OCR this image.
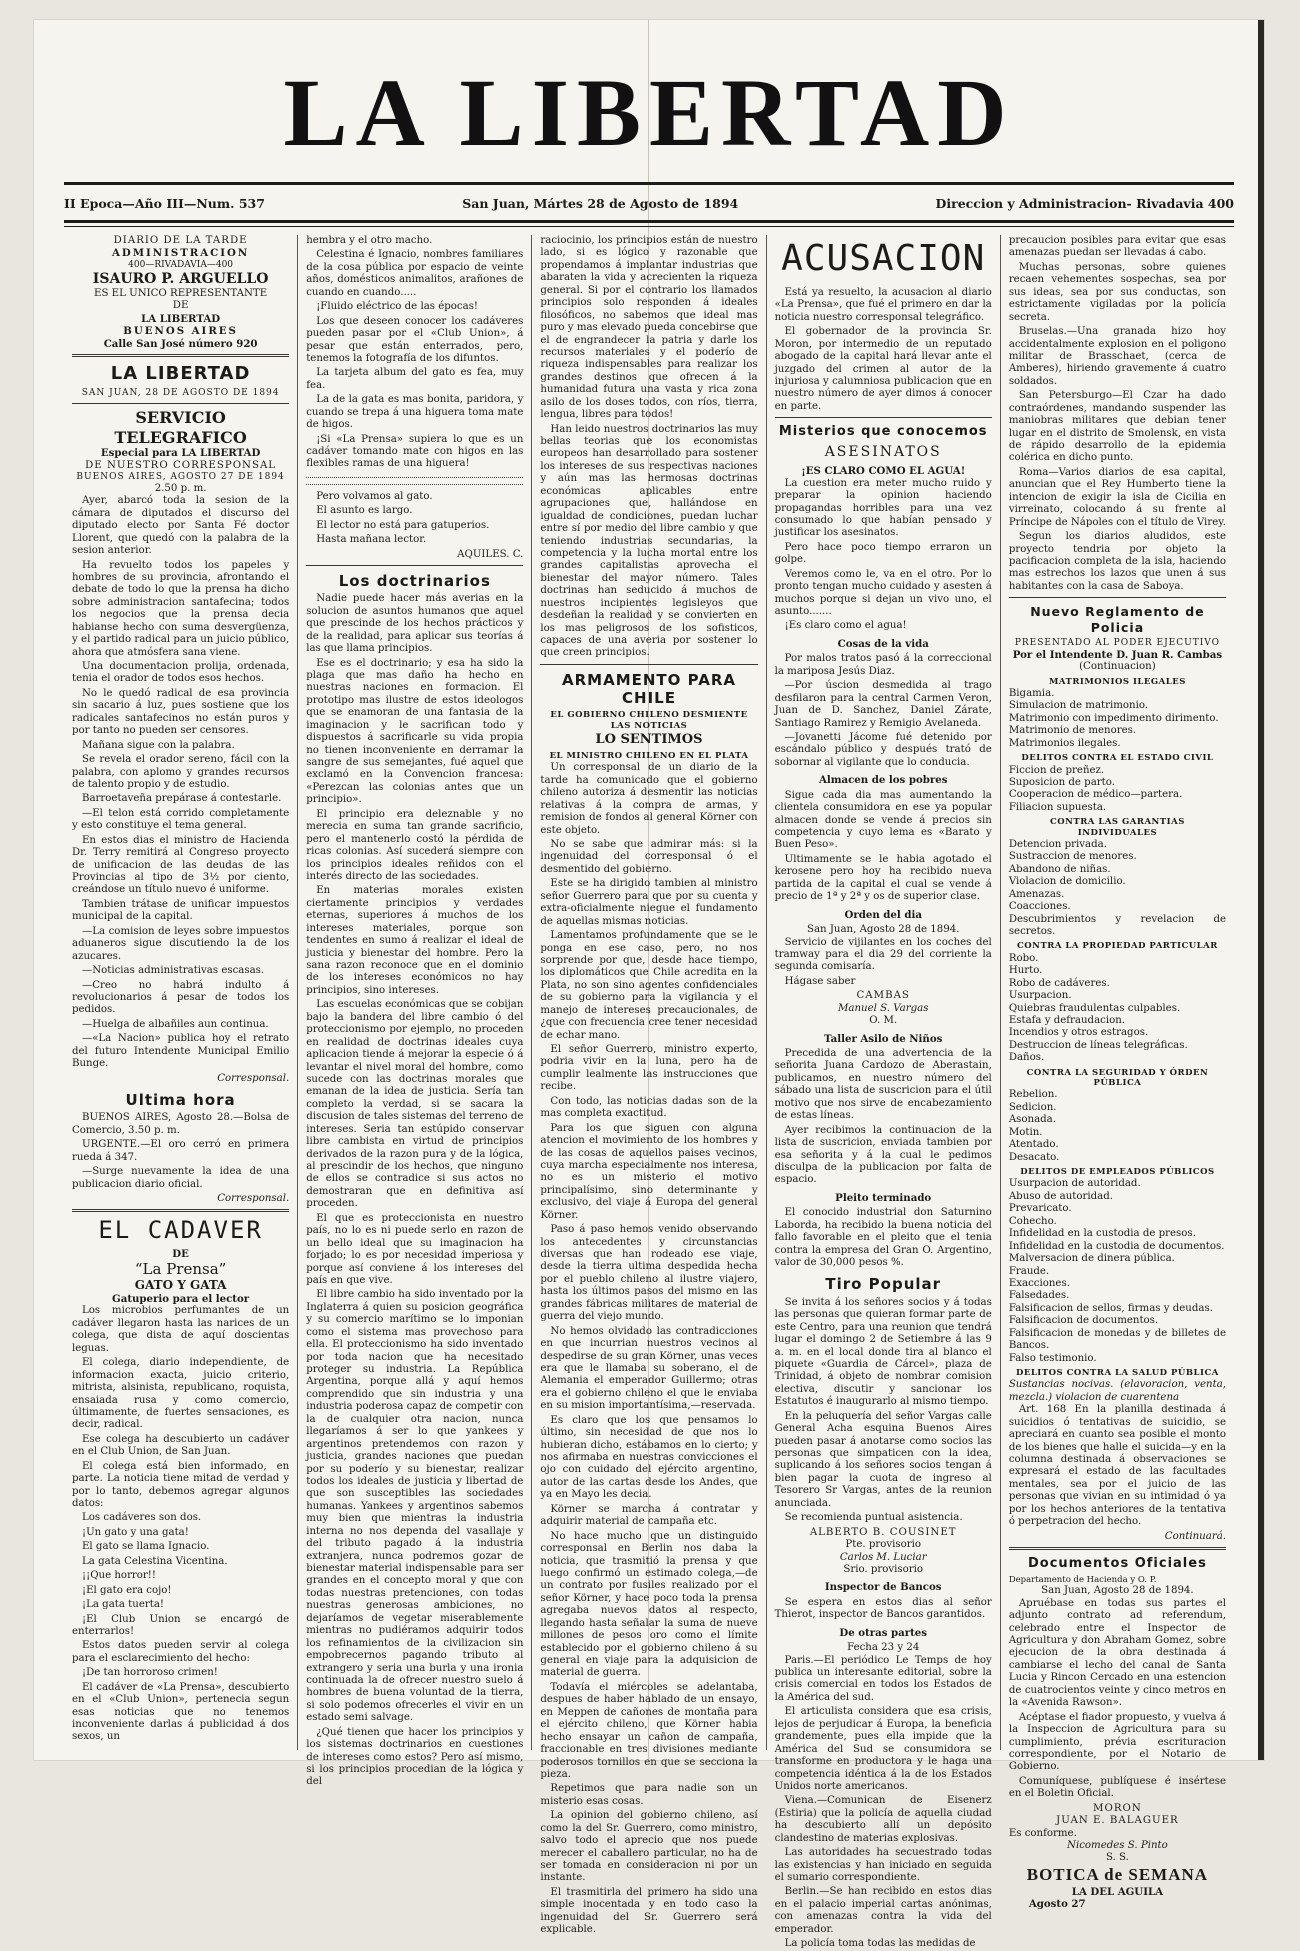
LA LIBERTAD
II Epoca—Año III—Num. 537	San Juan, Mártes 28 de Agosto de 1894	Direccion y Administracion- Rivadavia 400
DIARIO DE LA TARDE
ADMINISTRACION
400—RIVADAVIA—400
ISAURO P. ARGUELLO
ES EL UNICO REPRESENTANTE
DE
LA LIBERTAD
BUENOS AIRES
Calle San José número 920
LA LIBERTAD
SAN JUAN, 28 DE AGOSTO DE 1894
SERVICIO TELEGRAFICO
Especial para LA LIBERTAD
DE NUESTRO CORRESPONSAL
BUENOS AIRES, AGOSTO 27 DE 1894
2.50 p. m.

Ayer, abarcó toda la sesion de la cámara de diputados el discurso del diputado electo por Santa Fé doctor Llorent, que quedó con la palabra de la sesion anterior.

Ha revuelto todos los papeles y hombres de su provincia, afrontando el debate de todo lo que la prensa ha dicho sobre administracion santafecina; todos los negocios que la prensa decia habianse hecho con suma desvergüenza, y el partido radical para un juicio público, ahora que atmósfera sana viene.

Una documentacion prolija, ordenada, tenia el orador de todos esos hechos.

No le quedó radical de esa provincia sin sacario á luz, pues sostiene que los radicales santafecinos no están puros y por tanto no pueden ser censores.

Mañana sigue con la palabra.

Se revela el orador sereno, fácil con la palabra, con aplomo y grandes recursos de talento propio y de estudio.

Barroetaveña prepárase á contestarle.

—El telon está corrido completamente y esto constituye el tema general.

En estos dias el ministro de Hacienda Dr. Terry remitirá al Congreso proyecto de unificacion de las deudas de las Provincias al tipo de 3½ por ciento, creándose un título nuevo é uniforme.

Tambien trátase de unificar impuestos municipal de la capital.

—La comision de leyes sobre impuestos aduaneros sigue discutiendo la de los azucares.

—Noticias administrativas escasas.

—Creo no habrá indulto á revolucionarios á pesar de todos los pedidos.

—Huelga de albañiles aun continua.

—«La Nacion» publica hoy el retrato del futuro Intendente Municipal Emilio Bunge.

Corresponsal.
Ultima hora

BUENOS AIRES, Agosto 28.—Bolsa de Comercio, 3.50 p. m.

URGENTE.—El oro cerró en primera rueda á 347.

—Surge nuevamente la idea de una publicacion diario oficial.

Corresponsal.
EL CADAVER
DE
“La Prensa”
GATO Y GATA
Gatuperio para el lector

Los microbios perfumantes de un cadáver llegaron hasta las narices de un colega, que dista de aquí doscientas leguas.

El colega, diario independiente, de informacion exacta, juicio criterio, mitrista, alsinista, republicano, roquista, ensaiada rusa y como comercio, últimamente, de fuertes sensaciones, es decir, radical.

Ese colega ha descubierto un cadáver en el Club Union, de San Juan.

El colega está bien informado, en parte. La noticia tiene mitad de verdad y por lo tanto, debemos agregar algunos datos:

Los cadáveres son dos.

¡Un gato y una gata!

El gato se llama Ignacio.

La gata Celestina Vicentina.

¡¡Que horror!!

¡El gato era cojo!

¡La gata tuerta!

¡El Club Union se encargó de enterrarlos!

Estos datos pueden servir al colega para el esclarecimiento del hecho:

¡De tan horroroso crimen!

El cadáver de «La Prensa», descubierto en el «Club Union», pertenecia segun esas noticias que no tenemos inconveniente darlas á publicidad á dos sexos, un

hembra y el otro macho.

Celestina é Ignacio, nombres familiares de la cosa pública por espacio de veinte años, domésticos animalitos, arañones de cuando en cuando.....

¡Fluido eléctrico de las épocas!

Los que deseen conocer los cadáveres pueden pasar por el «Club Union», á pesar que están enterrados, pero, tenemos la fotografía de los difuntos.

La tarjeta album del gato es fea, muy fea.

La de la gata es mas bonita, paridora, y cuando se trepa á una higuera toma mate de higos.

¡Si «La Prensa» supiera lo que es un cadáver tomando mate con higos en las flexibles ramas de una higuera!

Pero volvamos al gato.

El asunto es largo.

El lector no está para gatuperios.

Hasta mañana lector.

AQUILES. C.
Los doctrinarios

Nadie puede hacer más averias en la solucion de asuntos humanos que aquel que prescinde de los hechos prácticos y de la realidad, para aplicar sus teorías á las que llama principios.

Ese es el doctrinario; y esa ha sido la plaga que mas daño ha hecho en nuestras naciones en formacion. El prototipo mas ilustre de estos ideologos que se enamoran de una fantasia de la imaginacion y le sacrifican todo y dispuestos á sacrificarle su vida propia no tienen inconveniente en derramar la sangre de sus semejantes, fué aquel que exclamó en la Convencion francesa: «Perezcan las colonias antes que un principio».

El principio era deleznable y no merecia en suma tan grande sacrificio, pero el mantenerlo costó la pérdida de ricas colonias. Así sucederá siempre con los principios ideales reñidos con el interés directo de las sociedades.

En materias morales existen ciertamente principios y verdades eternas, superiores á muchos de los intereses materiales, porque son tendentes en sumo á realizar el ideal de justicia y bienestar del hombre. Pero la sana razon reconoce que en el dominio de los intereses económicos no hay principios, sino intereses.

Las escuelas económicas que se cobijan bajo la bandera del libre cambio ó del proteccionismo por ejemplo, no proceden en realidad de doctrinas ideales cuya aplicacion tiende á mejorar la especie ó á levantar el nivel moral del hombre, como sucede con las doctrinas morales que emanan de la idea de justicia. Sería tan completo la verdad, si se sacara la discusion de tales sistemas del terreno de intereses. Seria tan estúpido conservar libre cambista en virtud de principios derivados de la razon pura y de la lógica, al prescindir de los hechos, que ninguno de ellos se contradice si sus actos no demostraran que en definitiva así proceden.

El que es proteccionista en nuestro país, no lo es ni puede serlo en razon de un bello ideal que su imaginacion ha forjado; lo es por necesidad imperiosa y porque así conviene á los intereses del país en que vive.

El libre cambio ha sido inventado por la Inglaterra á quien su posicion geográfica y su comercio marítimo se lo imponian como el sistema mas provechoso para ella. El proteccionismo ha sido inventado por toda nacion que ha necesitado proteger su industria. La República Argentina, porque allá y aquí hemos comprendido que sin industria y una industria poderosa capaz de competir con la de cualquier otra nacion, nunca llegaríamos á ser lo que yankees y argentinos pretendemos con razon y justicia, grandes naciones que puedan por su poderío y su bienestar, realizar todos los ideales de justicia y libertad de que son susceptibles las sociedades humanas. Yankees y argentinos sabemos muy bien que mientras la industria interna no nos dependa del vasallaje y del tributo pagado á la industria extranjera, nunca podremos gozar de bienestar material indispensable para ser grandes en el concepto moral y que con todas nuestras pretenciones, con todas nuestras generosas ambiciones, no dejaríamos de vegetar miserablemente mientras no pudiéramos adquirir todos los refinamientos de la civilizacion sin empobrecernos pagando tributo al extrangero y seria una burla y una ironia continuada la de ofrecer nuestro suelo á hombres de buena voluntad de la tierra, si solo podemos ofrecerles el vivir en un estado semi salvage.

¿Qué tienen que hacer los principios y los sistemas doctrinarios en cuestiones de intereses como estos? Pero así mismo, si los principios procedian de la lógica y del

raciocinio, los principios están de nuestro lado, si es lógico y razonable que propendamos á implantar industrias que abaraten la vida y acrecienten la riqueza general. Si por el contrario los llamados principios solo responden á ideales filosóficos, no sabemos que ideal mas puro y mas elevado pueda concebirse que el de engrandecer la patria y darle los recursos materiales y el poderío de riqueza indispensables para realizar los grandes destinos que ofrecen á la humanidad futura una vasta y rica zona asilo de los doses todos, con ríos, tierra, lengua, libres para todos!

Han leido nuestros doctrinarios las muy bellas teorias que los economistas europeos han desarrollado para sostener los intereses de sus respectivas naciones y aún mas las hermosas doctrinas económicas aplicables entre agrupaciones que, hallándose en igualdad de condiciones, puedan luchar entre sí por medio del libre cambio y que teniendo industrias secundarias, la competencia y la lucha mortal entre los grandes capitalistas aprovecha el bienestar del mayor número. Tales doctrinas han seducido á muchos de nuestros incipientes legisleyos que desdeñan la realidad y se convierten en los mas peligrosos de los sofisticos, capaces de una averia por sostener lo que creen principios.

ARMAMENTO PARA CHILE
EL GOBIERNO CHILENO DESMIENTE LAS NOTICIAS
LO SENTIMOS
EL MINISTRO CHILENO EN EL PLATA

Un corresponsal de un diario de la tarde ha comunicado que el gobierno chileno autoriza á desmentir las noticias relativas á la compra de armas, y remision de fondos al general Körner con este objeto.

No se sabe que admirar más: si la ingenuidad del corresponsal ó el desmentido del gobierno.

Este se ha dirigido tambien al ministro señor Guerrero para que por su cuenta y extra-oficialmente niegue el fundamento de aquellas mismas noticias.

Lamentamos profundamente que se le ponga en ese caso, pero, no nos sorprende por que, desde hace tiempo, los diplomáticos que Chile acredita en la Plata, no son sino agentes confidenciales de su gobierno para la vigilancia y el manejo de intereses precaucionales, de ¿que con frecuencia cree tener necesidad de echar mano.

El señor Guerrero, ministro experto, podria vivir en la luna, pero ha de cumplir lealmente las instrucciones que recibe.

Con todo, las noticias dadas son de la mas completa exactitud.

Para los que siguen con alguna atencion el movimiento de los hombres y de las cosas de aquellos paises vecinos, cuya marcha especialmente nos interesa, no es un misterio el motivo principalísimo, sino determinante y exclusivo, del viaje á Europa del general Körner.

Paso á paso hemos venido observando los antecedentes y circunstancias diversas que han rodeado ese viaje, desde la tierra ultima despedida hecha por el pueblo chileno al ilustre viajero, hasta los últimos pasos del mismo en las grandes fábricas militares de material de guerra del viejo mundo.

No hemos olvidado las contradicciones en que incurrian nuestros vecinos al despedirse de su gran Körner, unas veces era que le llamaba su soberano, el de Alemania el emperador Guillermo; otras era el gobierno chileno el que le enviaba en su mision importantísima,—reservada.

Es claro que los que pensamos lo último, sin necesidad de que nos lo hubieran dicho, estábamos en lo cierto; y nos afirmaba en nuestras convicciones el ojo con cuidado del ejército argentino, autor de las cartas desde los Andes, que ya en Mayo les decia.

Körner se marcha á contratar y adquirir material de campaña etc.

No hace mucho que un distinguido corresponsal en Berlin nos daba la noticia, que trasmitió la prensa y que luego confirmó un estimado colega,—de un contrato por fusiles realizado por el señor Körner, y hace poco toda la prensa agregaba nuevos datos al respecto, llegando hasta señalar la suma de nueve millones de pesos oro como el límite establecido por el gobierno chileno á su general en viaje para la adquisicion de material de guerra.

Todavía el miércoles se adelantaba, despues de haber hablado de un ensayo, en Meppen de cañones de montaña para el ejército chileno, que Körner habia hecho ensayar un cañon de campaña, fraccionable en tres divisiones mediante poderosos tornillos en que se secciona la pieza.

Repetimos que para nadie son un misterio esas cosas.

La opinion del gobierno chileno, así como la del Sr. Guerrero, como ministro, salvo todo el aprecio que nos puede merecer el caballero particular, no ha de ser tomada en consideracion ni por un instante.

El trasmitirla del primero ha sido una simple inocentada y en todo caso la ingenuidad del Sr. Guerrero será explicable.

ACUSACION

Está ya resuelto, la acusacion al diario «La Prensa», que fué el primero en dar la noticia nuestro corresponsal telegráfico.

El gobernador de la provincia Sr. Moron, por intermedio de un reputado abogado de la capital hará llevar ante el juzgado del crimen al autor de la injuriosa y calumniosa publicacion que en nuestro número de ayer dimos á conocer en parte.

Misterios que conocemos
ASESINATOS
¡ES CLARO COMO EL AGUA!

La cuestion era meter mucho ruido y preparar la opinion haciendo propagandas horribles para una vez consumado lo que habían pensado y justificar los asesinatos.

Pero hace poco tiempo erraron un golpe.

Veremos como le, va en el otro. Por lo pronto tengan mucho cuidado y asesten á muchos porque si dejan un vivo uno, el asunto.......

¡Es claro como el agua!

Cosas de la vida

Por malos tratos pasó á la correccional la mariposa Jesús Diaz.

—Por úscion desmedida al trago desfilaron para la central Carmen Veron, Juan de D. Sanchez, Daniel Zárate, Santiago Ramirez y Remigio Avelaneda.

—Jovanetti Jácome fué detenido por escándalo público y después trató de sobornar al vigilante que lo conducia.

Almacen de los pobres

Sigue cada dia mas aumentando la clientela consumidora en ese ya popular almacen donde se vende á precios sin competencia y cuyo lema es «Barato y Buen Peso».

Ultimamente se le habia agotado el kerosene pero hoy ha recibido nueva partida de la capital el cual se vende á precio de 1ª y 2ª y os de superior clase.

Orden del dia
San Juan, Agosto 28 de 1894.

Servicio de vijilantes en los coches del tramway para el dia 29 del corriente la segunda comisaría.

Hágase saber

CAMBAS
Manuel S. Vargas
O. M.
Taller Asilo de Niños

Precedida de una advertencia de la señorita Juana Cardozo de Aberastain, publicamos, en nuestro número del sábado una lista de suscricion para el útil motivo que nos sirve de encabezamiento de estas líneas.

Ayer recibimos la continuacion de la lista de suscricion, enviada tambien por esa señorita y á la cual le pedimos disculpa de la publicacion por falta de espacio.

Pleito terminado

El conocido industrial don Saturnino Laborda, ha recibido la buena noticia del fallo favorable en el pleito que el tenia contra la empresa del Gran O. Argentino, valor de 30,000 pesos %.

Tiro Popular

Se invita á los señores socios y á todas las personas que quieran formar parte de este Centro, para una reunion que tendrá lugar el domingo 2 de Setiembre á las 9 a. m. en el local donde tira al blanco el piquete «Guardia de Cárcel», plaza de Trinidad, á objeto de nombrar comision electiva, discutir y sancionar los Estatutos é inaugurarlo al mismo tiempo.

En la peluquería del señor Vargas calle General Acha esquina Buenos Aires pueden pasar á anotarse como socios las personas que simpaticen con la idea, suplicando á los señores socios tengan á bien pagar la cuota de ingreso al Tesorero Sr Vargas, antes de la reunion anunciada.

Se recomienda puntual asistencia.

ALBERTO B. COUSINET
Pte. provisorio
Carlos M. Luciar
Srio. provisorio
Inspector de Bancos

Se espera en estos dias al señor Thierot, inspector de Bancos garantidos.

De otras partes
Fecha 23 y 24

Paris.—El periódico Le Temps de hoy publica un interesante editorial, sobre la crisis comercial en todos los Estados de la América del sud.

El articulista considera que esa crisis, lejos de perjudicar á Europa, la beneficia grandemente, pues ella impide que la América del Sud se consumidora se transforme en productora y le haga una competencia idéntica á la de los Estados Unidos norte americanos.

Viena.—Comunican de Eisenerz (Estiria) que la policía de aquella ciudad ha descubierto allí un depósito clandestino de materias explosivas.

Las autoridades ha secuestrado todas las existencias y han iniciado en seguida el sumario correspondiente.

Berlin.—Se han recibido en estos dias en el palacio imperial cartas anónimas, con amenazas contra la vida del emperador.

La policía toma todas las medidas de

precaucion posibles para evitar que esas amenazas puedan ser llevadas á cabo.

Muchas personas, sobre quienes recaen vehementes sospechas, sea por sus ideas, sea por sus conductas, son estrictamente vigiladas por la policía secreta.

Bruselas.—Una granada hizo hoy accidentalmente explosion en el poligono militar de Brasschaet, (cerca de Amberes), hiriendo gravemente á cuatro soldados.

San Petersburgo—El Czar ha dado contraórdenes, mandando suspender las maniobras militares que debian tener lugar en el distrito de Smolensk, en vista de rápido desarrollo de la epidemia colérica en dicho punto.

Roma—Varios diarios de esa capital, anuncian que el Rey Humberto tiene la intencion de exigir la isla de Cicilia en virreinato, colocando á su frente al Príncipe de Nápoles con el título de Virey.

Segun los diarios aludidos, este proyecto tendria por objeto la pacificacion completa de la isla, haciendo mas estrechos los lazos que unen á sus habitantes con la casa de Saboya.

Nuevo Reglamento de Policia
PRESENTADO AL PODER EJECUTIVO
Por el Intendente D. Juan R. Cambas
(Continuacion)
MATRIMONIOS ILEGALES

Bigamia.

Simulacion de matrimonio.

Matrimonio con impedimento dirimento.

Matrimonio de menores.

Matrimonios ilegales.

DELITOS CONTRA EL ESTADO CIVIL

Ficcion de preñez.

Suposicion de parto.

Cooperacion de médico—partera.

Filiacion supuesta.

CONTRA LAS GARANTIAS INDIVIDUALES

Detencion privada.

Sustraccion de menores.

Abandono de niñas.

Violacion de domicilio.

Amenazas.

Coacciones.

Descubrimientos y revelacion de secretos.

CONTRA LA PROPIEDAD PARTICULAR

Robo.

Hurto.

Robo de cadáveres.

Usurpacion.

Quiebras fraudulentas culpables.

Estafa y defraudacion.

Incendios y otros estragos.

Destruccion de líneas telegráficas.

Daños.

CONTRA LA SEGURIDAD Y ÓRDEN PÚBLICA

Rebelion.

Sedicion.

Asonada.

Motin.

Atentado.

Desacato.

DELITOS DE EMPLEADOS PÚBLICOS

Usurpacion de autoridad.

Abuso de autoridad.

Prevaricato.

Cohecho.

Infidelidad en la custodia de presos.

Infidelidad en la custodia de documentos.

Malversacion de dinera pública.

Fraude.

Exacciones.

Falsedades.

Falsificacion de sellos, firmas y deudas.

Falsificacion de documentos.

Falsificacion de monedas y de billetes de Bancos.

Falso testimonio.

DELITOS CONTRA LA SALUD PÚBLICA

Sustancias nocivas. (elavoracion, venta, mezcla.) violacion de cuarentena

Art. 168 En la planilla destinada á suicidios ó tentativas de suicidio, se apreciará en cuanto sea posible el monto de los bienes que halle el suicida—y en la columna destinada á observaciones se expresará el estado de las facultades mentales, sea por el juicio de las personas que vivian en su intimidad ó ya por los hechos anteriores de la tentativa ó perpetracion del hecho.

Continuará.
Documentos Oficiales
Departamento de Hacienda y O. P.
San Juan, Agosto 28 de 1894.

Apruébase en todas sus partes el adjunto contrato ad referendum, celebrado entre el Inspector de Agricultura y don Abraham Gomez, sobre ejecucion de la obra destinada á cambiarse el lecho del canal de Santa Lucia y Rincon Cercado en una estencion de cuatrocientos veinte y cinco metros en la «Avenida Rawson».

Acéptase el fiador propuesto, y vuelva á la Inspeccion de Agricultura para su cumplimiento, prévia escrituracion correspondiente, por el Notario de Gobierno.

Comuníquese, publíquese é insértese en el Boletin Oficial.

MORON
JUAN E. BALAGUER
Es conforme.
Nicomedes S. Pinto
S. S.
BOTICA de SEMANA
LA DEL AGUILA
Agosto 27
